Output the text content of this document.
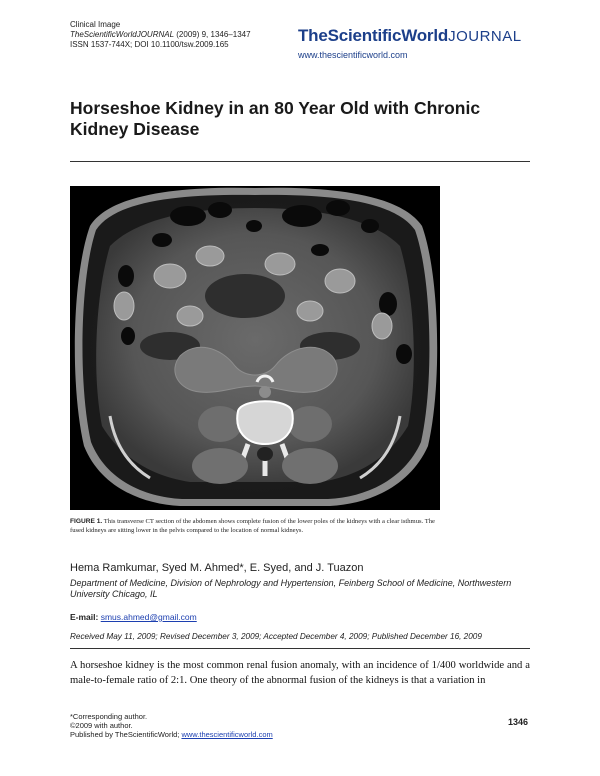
Clinical Image
TheScientificWorldJOURNAL (2009) 9, 1346–1347
ISSN 1537-744X; DOI 10.1100/tsw.2009.165	TheScientificWorldJOURNAL
www.thescientificworld.com
Horseshoe Kidney in an 80 Year Old with Chronic Kidney Disease
FIGURE 1. This transverse CT section of the abdomen shows complete fusion of the lower poles of the kidneys with a clear isthmus. The fused kidneys are sitting lower in the pelvis compared to the location of normal kidneys.
Hema Ramkumar, Syed M. Ahmed*, E. Syed, and J. Tuazon
Department of Medicine, Division of Nephrology and Hypertension, Feinberg School of Medicine, Northwestern University Chicago, IL
E-mail: smus.ahmed@gmail.com
Received May 11, 2009; Revised December 3, 2009; Accepted December 4, 2009; Published December 16, 2009
A horseshoe kidney is the most common renal fusion anomaly, with an incidence of 1/400 worldwide and a male-to-female ratio of 2:1. One theory of the abnormal fusion of the kidneys is that a variation in
*Corresponding author.
©2009 with author.
Published by TheScientificWorld; www.thescientificworld.com
1346
